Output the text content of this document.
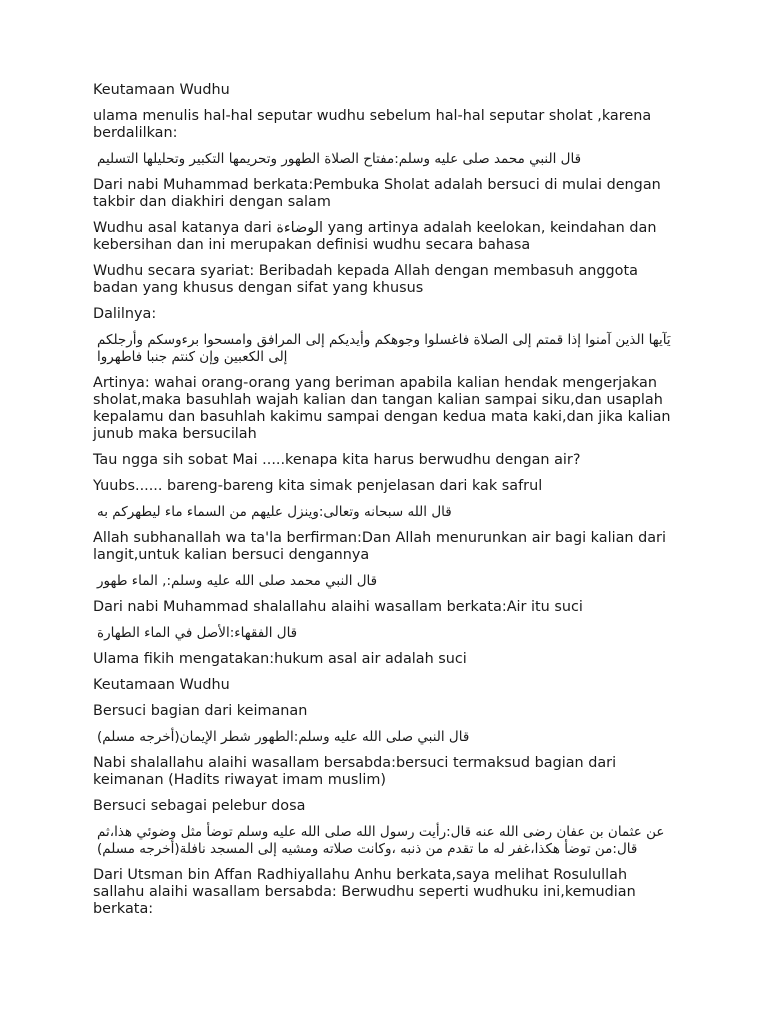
Keutamaan Wudhu

ulama menulis hal-hal seputar wudhu sebelum hal-hal seputar sholat ,karena berdalilkan:

قال النبي محمد صلى عليه وسلم:مفتاح الصلاة الطهور وتحريمها التكبير وتحليلها التسليم

Dari nabi Muhammad berkata:Pembuka Sholat adalah bersuci di mulai dengan takbir dan diakhiri dengan salam

Wudhu asal katanya dari الوضاءة yang artinya adalah keelokan, keindahan dan kebersihan dan ini merupakan definisi wudhu secara bahasa

Wudhu secara syariat: Beribadah kepada Allah dengan membasuh anggota badan yang khusus dengan sifat yang khusus

Dalilnya:

يَآيها الذين آمنوا إذا قمتم إلى الصلاة فاغسلوا وجوهكم وأيديكم إلى المرافق وامسحوا برءوسكم وأرجلكم إلى الكعبين وإن كنتم جنبا فاطهروا

Artinya: wahai orang-orang yang beriman apabila kalian hendak mengerjakan sholat,maka basuhlah wajah kalian dan tangan kalian sampai siku,dan usaplah kepalamu dan basuhlah kakimu sampai dengan kedua mata kaki,dan jika kalian junub maka bersucilah

Tau ngga sih sobat Mai .....kenapa kita harus berwudhu dengan air?

Yuubs...... bareng-bareng kita simak penjelasan dari kak safrul

قال الله سبحانه وتعالى:وينزل عليهم من السماء ماء ليطهركم به

Allah subhanallah wa ta'la berfirman:Dan Allah menurunkan air bagi kalian dari langit,untuk kalian bersuci dengannya

قال النبي محمد صلى الله عليه وسلم:, الماء طهور

Dari nabi Muhammad shalallahu alaihi wasallam berkata:Air itu suci

قال الفقهاء:الأصل في الماء الطهارة

Ulama fikih mengatakan:hukum asal air adalah suci

Keutamaan Wudhu

Bersuci bagian dari keimanan

قال النبي صلى الله عليه وسلم:الطهور شطر الإيمان(أخرجه مسلم)

Nabi shalallahu alaihi wasallam bersabda:bersuci termaksud bagian dari keimanan (Hadits riwayat imam muslim)

Bersuci sebagai pelebur dosa

عن عثمان بن عفان رضى الله عنه قال:رأيت رسول الله صلى الله عليه وسلم توضأ مثل وضوئي هذا،ثم قال:من توضأ هكذا،غفر له ما تقدم من ذنبه ،وكانت صلاته ومشيه إلى المسجد نافلة(أخرجه مسلم)

Dari Utsman bin Affan Radhiyallahu Anhu berkata,saya melihat Rosulullah sallahu alaihi wasallam bersabda: Berwudhu seperti wudhuku ini,kemudian berkata:
